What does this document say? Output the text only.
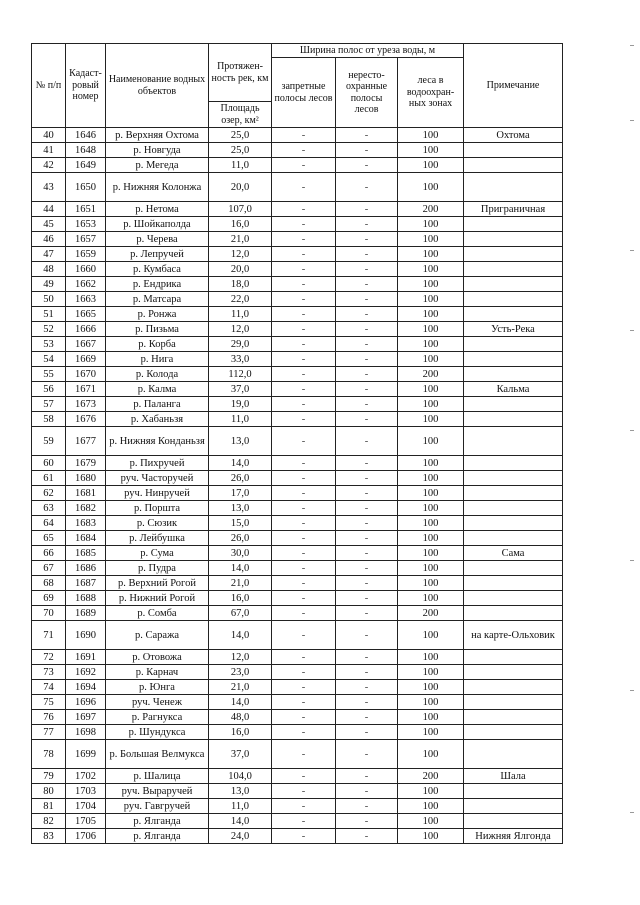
№ п/п	Кадаст-ровый номер	Наименование водных объектов	Протяжен-ность рек, км	Ширина полос от уреза воды, м			Примечание
				запретные полосы лесов	нересто-охранные полосы лесов	леса в водоохран-ных зонах	
			Площадь озер, км²				
40	1646	р. Верхняя Охтома	25,0	-	-	100	Охтома
41	1648	р. Новгуда	25,0	-	-	100	
42	1649	р. Мегеда	11,0	-	-	100	
43	1650	р. Нижняя Колонжа	20,0	-	-	100	
44	1651	р. Нетома	107,0	-	-	200	Приграничная
45	1653	р. Шойкаполда	16,0	-	-	100	
46	1657	р. Черева	21,0	-	-	100	
47	1659	р. Лепручей	12,0	-	-	100	
48	1660	р. Кумбаса	20,0	-	-	100	
49	1662	р. Ендрика	18,0	-	-	100	
50	1663	р. Матсара	22,0	-	-	100	
51	1665	р. Ронжа	11,0	-	-	100	
52	1666	р. Пизьма	12,0	-	-	100	Усть-Река
53	1667	р. Корба	29,0	-	-	100	
54	1669	р. Нига	33,0	-	-	100	
55	1670	р. Колода	112,0	-	-	200	
56	1671	р. Калма	37,0	-	-	100	Кальма
57	1673	р. Паланга	19,0	-	-	100	
58	1676	р. Хабаньзя	11,0	-	-	100	
59	1677	р. Нижняя Конданьзя	13,0	-	-	100	
60	1679	р. Пихручей	14,0	-	-	100	
61	1680	руч. Часторучей	26,0	-	-	100	
62	1681	руч. Нинручей	17,0	-	-	100	
63	1682	р. Поршта	13,0	-	-	100	
64	1683	р. Сюзик	15,0	-	-	100	
65	1684	р. Лейбушка	26,0	-	-	100	
66	1685	р. Сума	30,0	-	-	100	Сама
67	1686	р. Пудра	14,0	-	-	100	
68	1687	р. Верхний Рогой	21,0	-	-	100	
69	1688	р. Нижний Рогой	16,0	-	-	100	
70	1689	р. Сомба	67,0	-	-	200	
71	1690	р. Саража	14,0	-	-	100	на карте-Ольховик
72	1691	р. Отовожа	12,0	-	-	100	
73	1692	р. Карнач	23,0	-	-	100	
74	1694	р. Юнга	21,0	-	-	100	
75	1696	руч. Ченеж	14,0	-	-	100	
76	1697	р. Рагнукса	48,0	-	-	100	
77	1698	р. Шундукса	16,0	-	-	100	
78	1699	р. Большая Велмукса	37,0	-	-	100	
79	1702	р. Шалица	104,0	-	-	200	Шала
80	1703	руч. Выраручей	13,0	-	-	100	
81	1704	руч. Гавгручей	11,0	-	-	100	
82	1705	р. Ялганда	14,0	-	-	100	
83	1706	р. Ялганда	24,0	-	-	100	Нижняя Ялгонда
